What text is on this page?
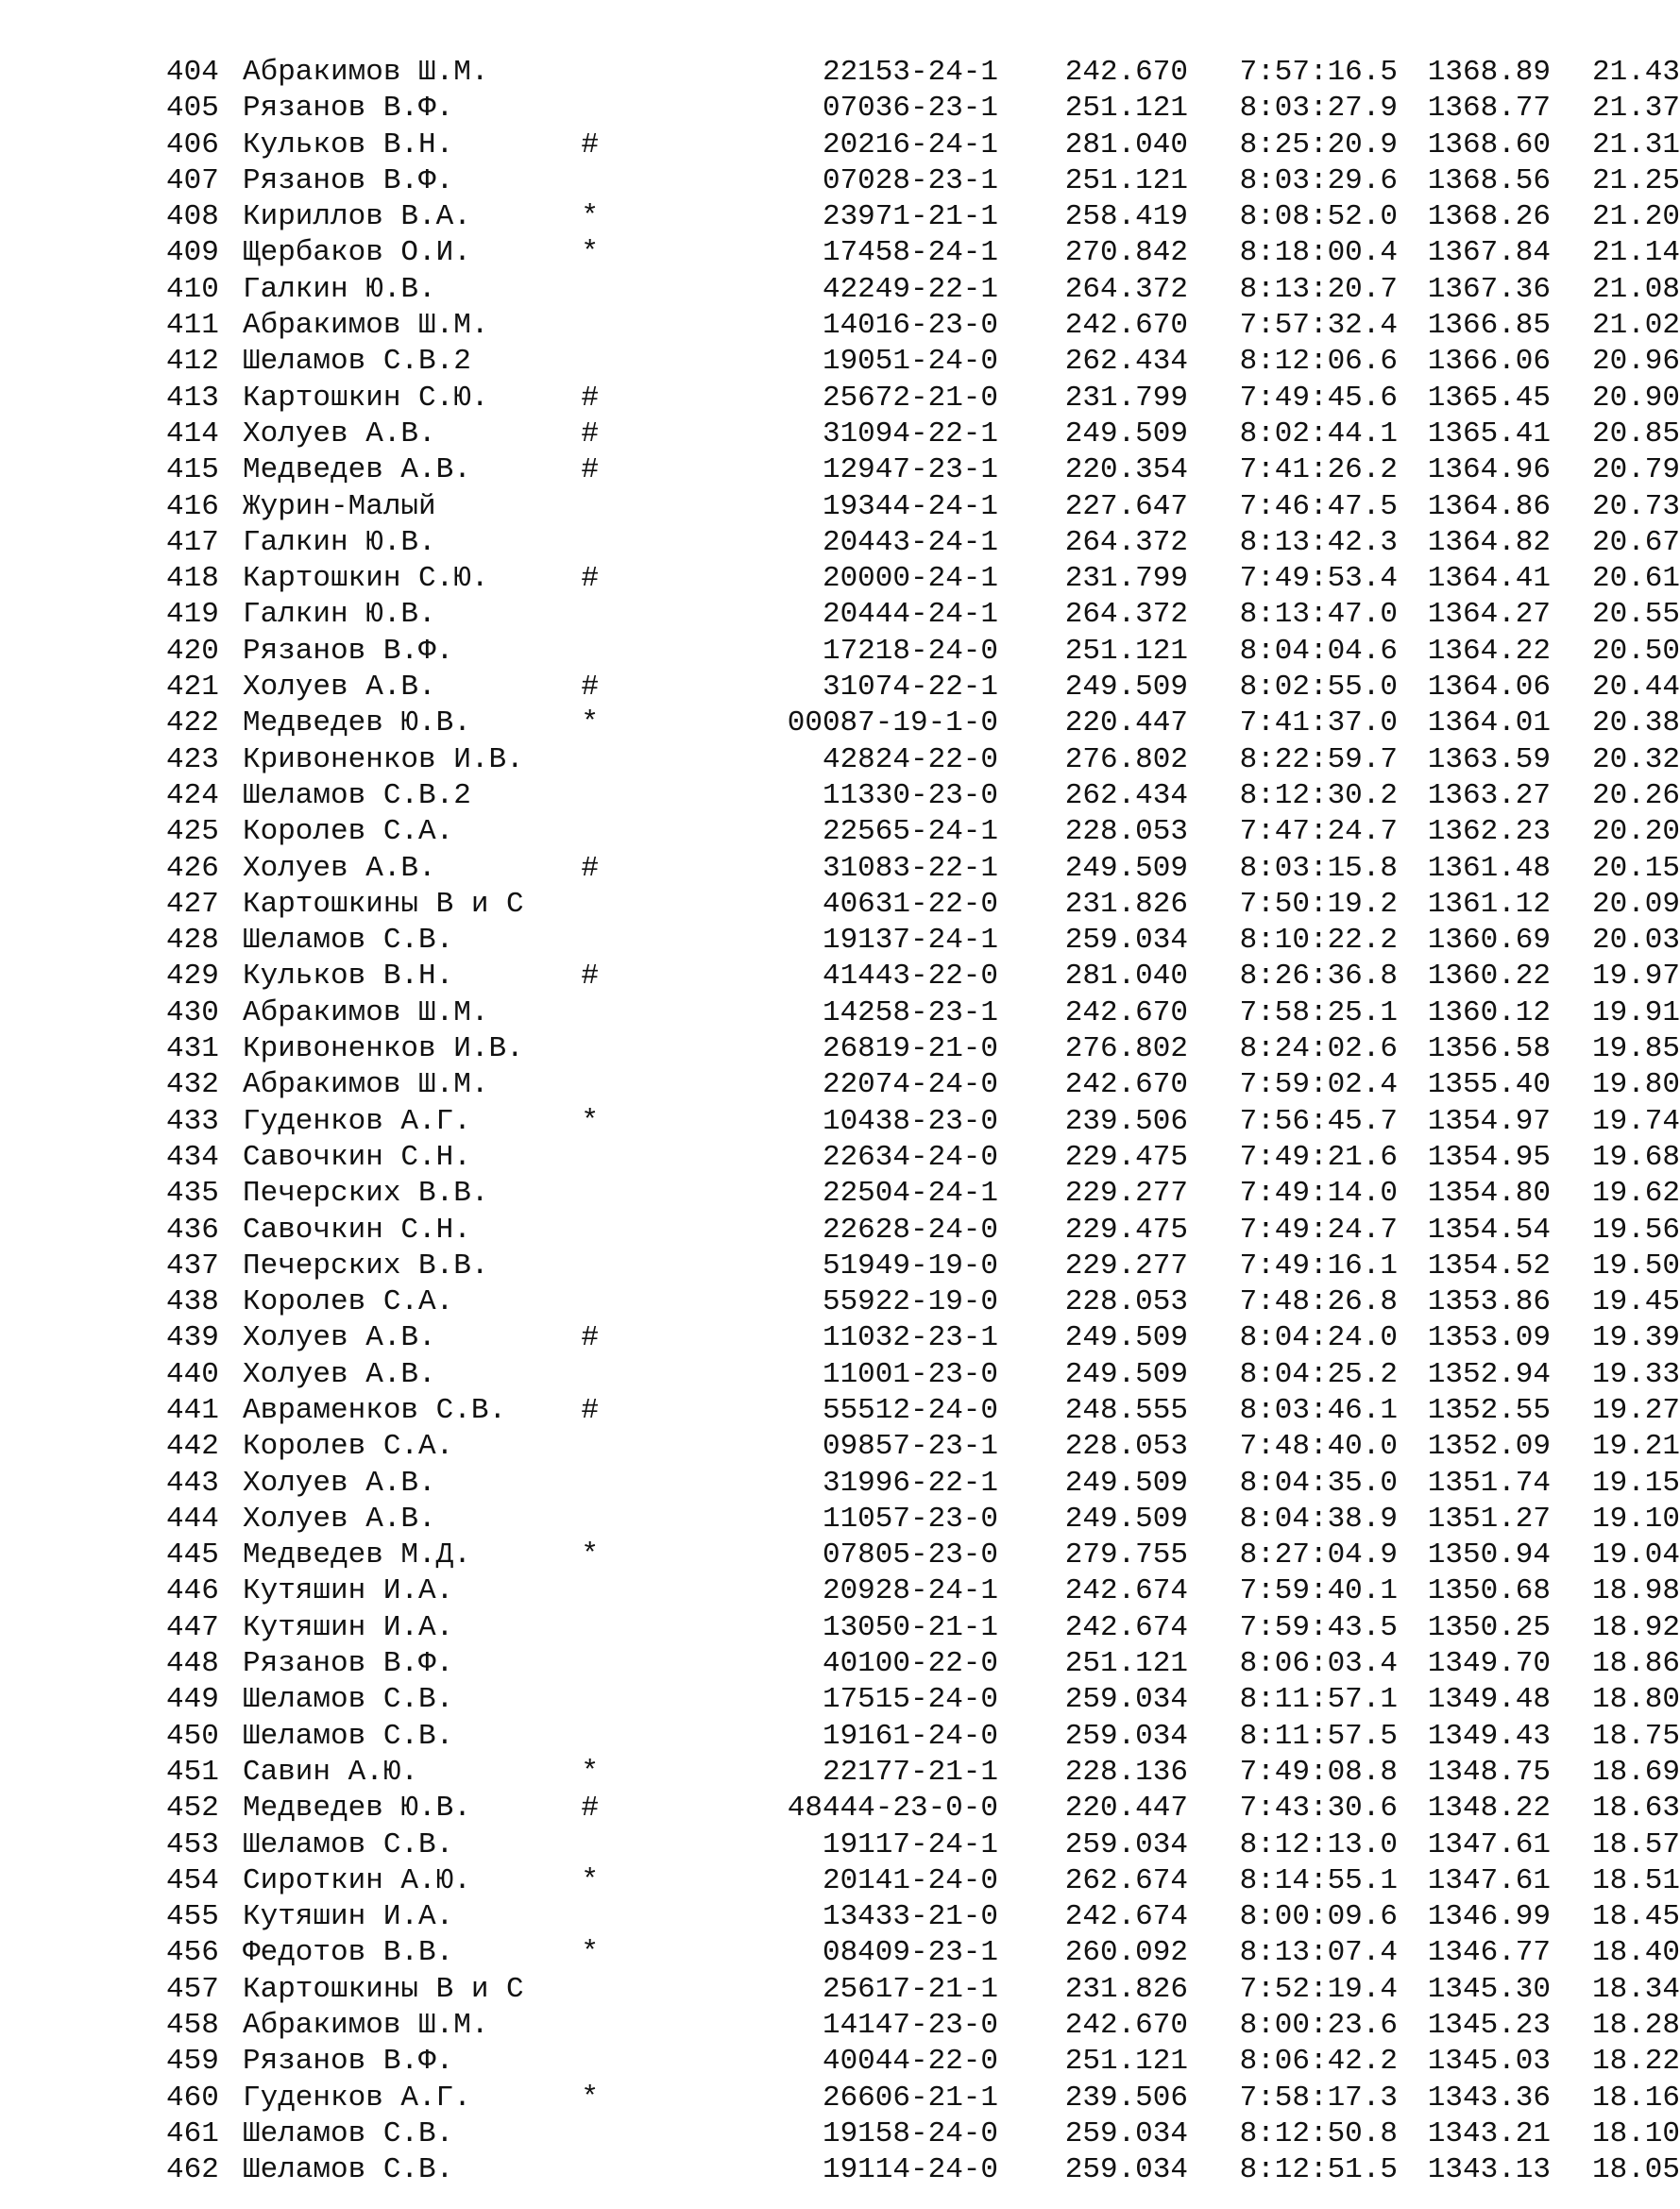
404 Абракимов Ш.М.	22153-24-1	242.670	7:57:16.5	1368.89	21.43
405 Рязанов В.Ф.	07036-23-1	251.121	8:03:27.9	1368.77	21.37
406 Кульков В.Н.	#	20216-24-1	281.040	8:25:20.9	1368.60	21.31
407 Рязанов В.Ф.	07028-23-1	251.121	8:03:29.6	1368.56	21.25
408 Кириллов В.А.	*	23971-21-1	258.419	8:08:52.0	1368.26	21.20
409 Щербаков О.И.	*	17458-24-1	270.842	8:18:00.4	1367.84	21.14
410 Галкин Ю.В.	42249-22-1	264.372	8:13:20.7	1367.36	21.08
411 Абракимов Ш.М.	14016-23-0	242.670	7:57:32.4	1366.85	21.02
412 Шеламов С.В.2	19051-24-0	262.434	8:12:06.6	1366.06	20.96
413 Картошкин С.Ю.	#	25672-21-0	231.799	7:49:45.6	1365.45	20.90
414 Холуев А.В.	#	31094-22-1	249.509	8:02:44.1	1365.41	20.85
415 Медведев А.В.	#	12947-23-1	220.354	7:41:26.2	1364.96	20.79
416 Журин-Малый	19344-24-1	227.647	7:46:47.5	1364.86	20.73
417 Галкин Ю.В.	20443-24-1	264.372	8:13:42.3	1364.82	20.67
418 Картошкин С.Ю.	#	20000-24-1	231.799	7:49:53.4	1364.41	20.61
419 Галкин Ю.В.	20444-24-1	264.372	8:13:47.0	1364.27	20.55
420 Рязанов В.Ф.	17218-24-0	251.121	8:04:04.6	1364.22	20.50
421 Холуев А.В.	#	31074-22-1	249.509	8:02:55.0	1364.06	20.44
422 Медведев Ю.В.	*	00087-19-1-0	220.447	7:41:37.0	1364.01	20.38
423 Кривоненков И.В.	42824-22-0	276.802	8:22:59.7	1363.59	20.32
424 Шеламов С.В.2	11330-23-0	262.434	8:12:30.2	1363.27	20.26
425 Королев С.А.	22565-24-1	228.053	7:47:24.7	1362.23	20.20
426 Холуев А.В.	#	31083-22-1	249.509	8:03:15.8	1361.48	20.15
427 Картошкины В и С	40631-22-0	231.826	7:50:19.2	1361.12	20.09
428 Шеламов С.В.	19137-24-1	259.034	8:10:22.2	1360.69	20.03
429 Кульков В.Н.	#	41443-22-0	281.040	8:26:36.8	1360.22	19.97
430 Абракимов Ш.М.	14258-23-1	242.670	7:58:25.1	1360.12	19.91
431 Кривоненков И.В.	26819-21-0	276.802	8:24:02.6	1356.58	19.85
432 Абракимов Ш.М.	22074-24-0	242.670	7:59:02.4	1355.40	19.80
433 Гуденков А.Г.	*	10438-23-0	239.506	7:56:45.7	1354.97	19.74
434 Савочкин С.Н.	22634-24-0	229.475	7:49:21.6	1354.95	19.68
435 Печерских В.В.	22504-24-1	229.277	7:49:14.0	1354.80	19.62
436 Савочкин С.Н.	22628-24-0	229.475	7:49:24.7	1354.54	19.56
437 Печерских В.В.	51949-19-0	229.277	7:49:16.1	1354.52	19.50
438 Королев С.А.	55922-19-0	228.053	7:48:26.8	1353.86	19.45
439 Холуев А.В.	#	11032-23-1	249.509	8:04:24.0	1353.09	19.39
440 Холуев А.В.	11001-23-0	249.509	8:04:25.2	1352.94	19.33
441 Авраменков С.В.	#	55512-24-0	248.555	8:03:46.1	1352.55	19.27
442 Королев С.А.	09857-23-1	228.053	7:48:40.0	1352.09	19.21
443 Холуев А.В.	31996-22-1	249.509	8:04:35.0	1351.74	19.15
444 Холуев А.В.	11057-23-0	249.509	8:04:38.9	1351.27	19.10
445 Медведев М.Д.	*	07805-23-0	279.755	8:27:04.9	1350.94	19.04
446 Кутяшин И.А.	20928-24-1	242.674	7:59:40.1	1350.68	18.98
447 Кутяшин И.А.	13050-21-1	242.674	7:59:43.5	1350.25	18.92
448 Рязанов В.Ф.	40100-22-0	251.121	8:06:03.4	1349.70	18.86
449 Шеламов С.В.	17515-24-0	259.034	8:11:57.1	1349.48	18.80
450 Шеламов С.В.	19161-24-0	259.034	8:11:57.5	1349.43	18.75
451 Савин А.Ю.	*	22177-21-1	228.136	7:49:08.8	1348.75	18.69
452 Медведев Ю.В.	#	48444-23-0-0	220.447	7:43:30.6	1348.22	18.63
453 Шеламов С.В.	19117-24-1	259.034	8:12:13.0	1347.61	18.57
454 Сироткин А.Ю.	*	20141-24-0	262.674	8:14:55.1	1347.61	18.51
455 Кутяшин И.А.	13433-21-0	242.674	8:00:09.6	1346.99	18.45
456 Федотов В.В.	*	08409-23-1	260.092	8:13:07.4	1346.77	18.40
457 Картошкины В и С	25617-21-1	231.826	7:52:19.4	1345.30	18.34
458 Абракимов Ш.М.	14147-23-0	242.670	8:00:23.6	1345.23	18.28
459 Рязанов В.Ф.	40044-22-0	251.121	8:06:42.2	1345.03	18.22
460 Гуденков А.Г.	*	26606-21-1	239.506	7:58:17.3	1343.36	18.16
461 Шеламов С.В.	19158-24-0	259.034	8:12:50.8	1343.21	18.10
462 Шеламов С.В.	19114-24-0	259.034	8:12:51.5	1343.13	18.05
